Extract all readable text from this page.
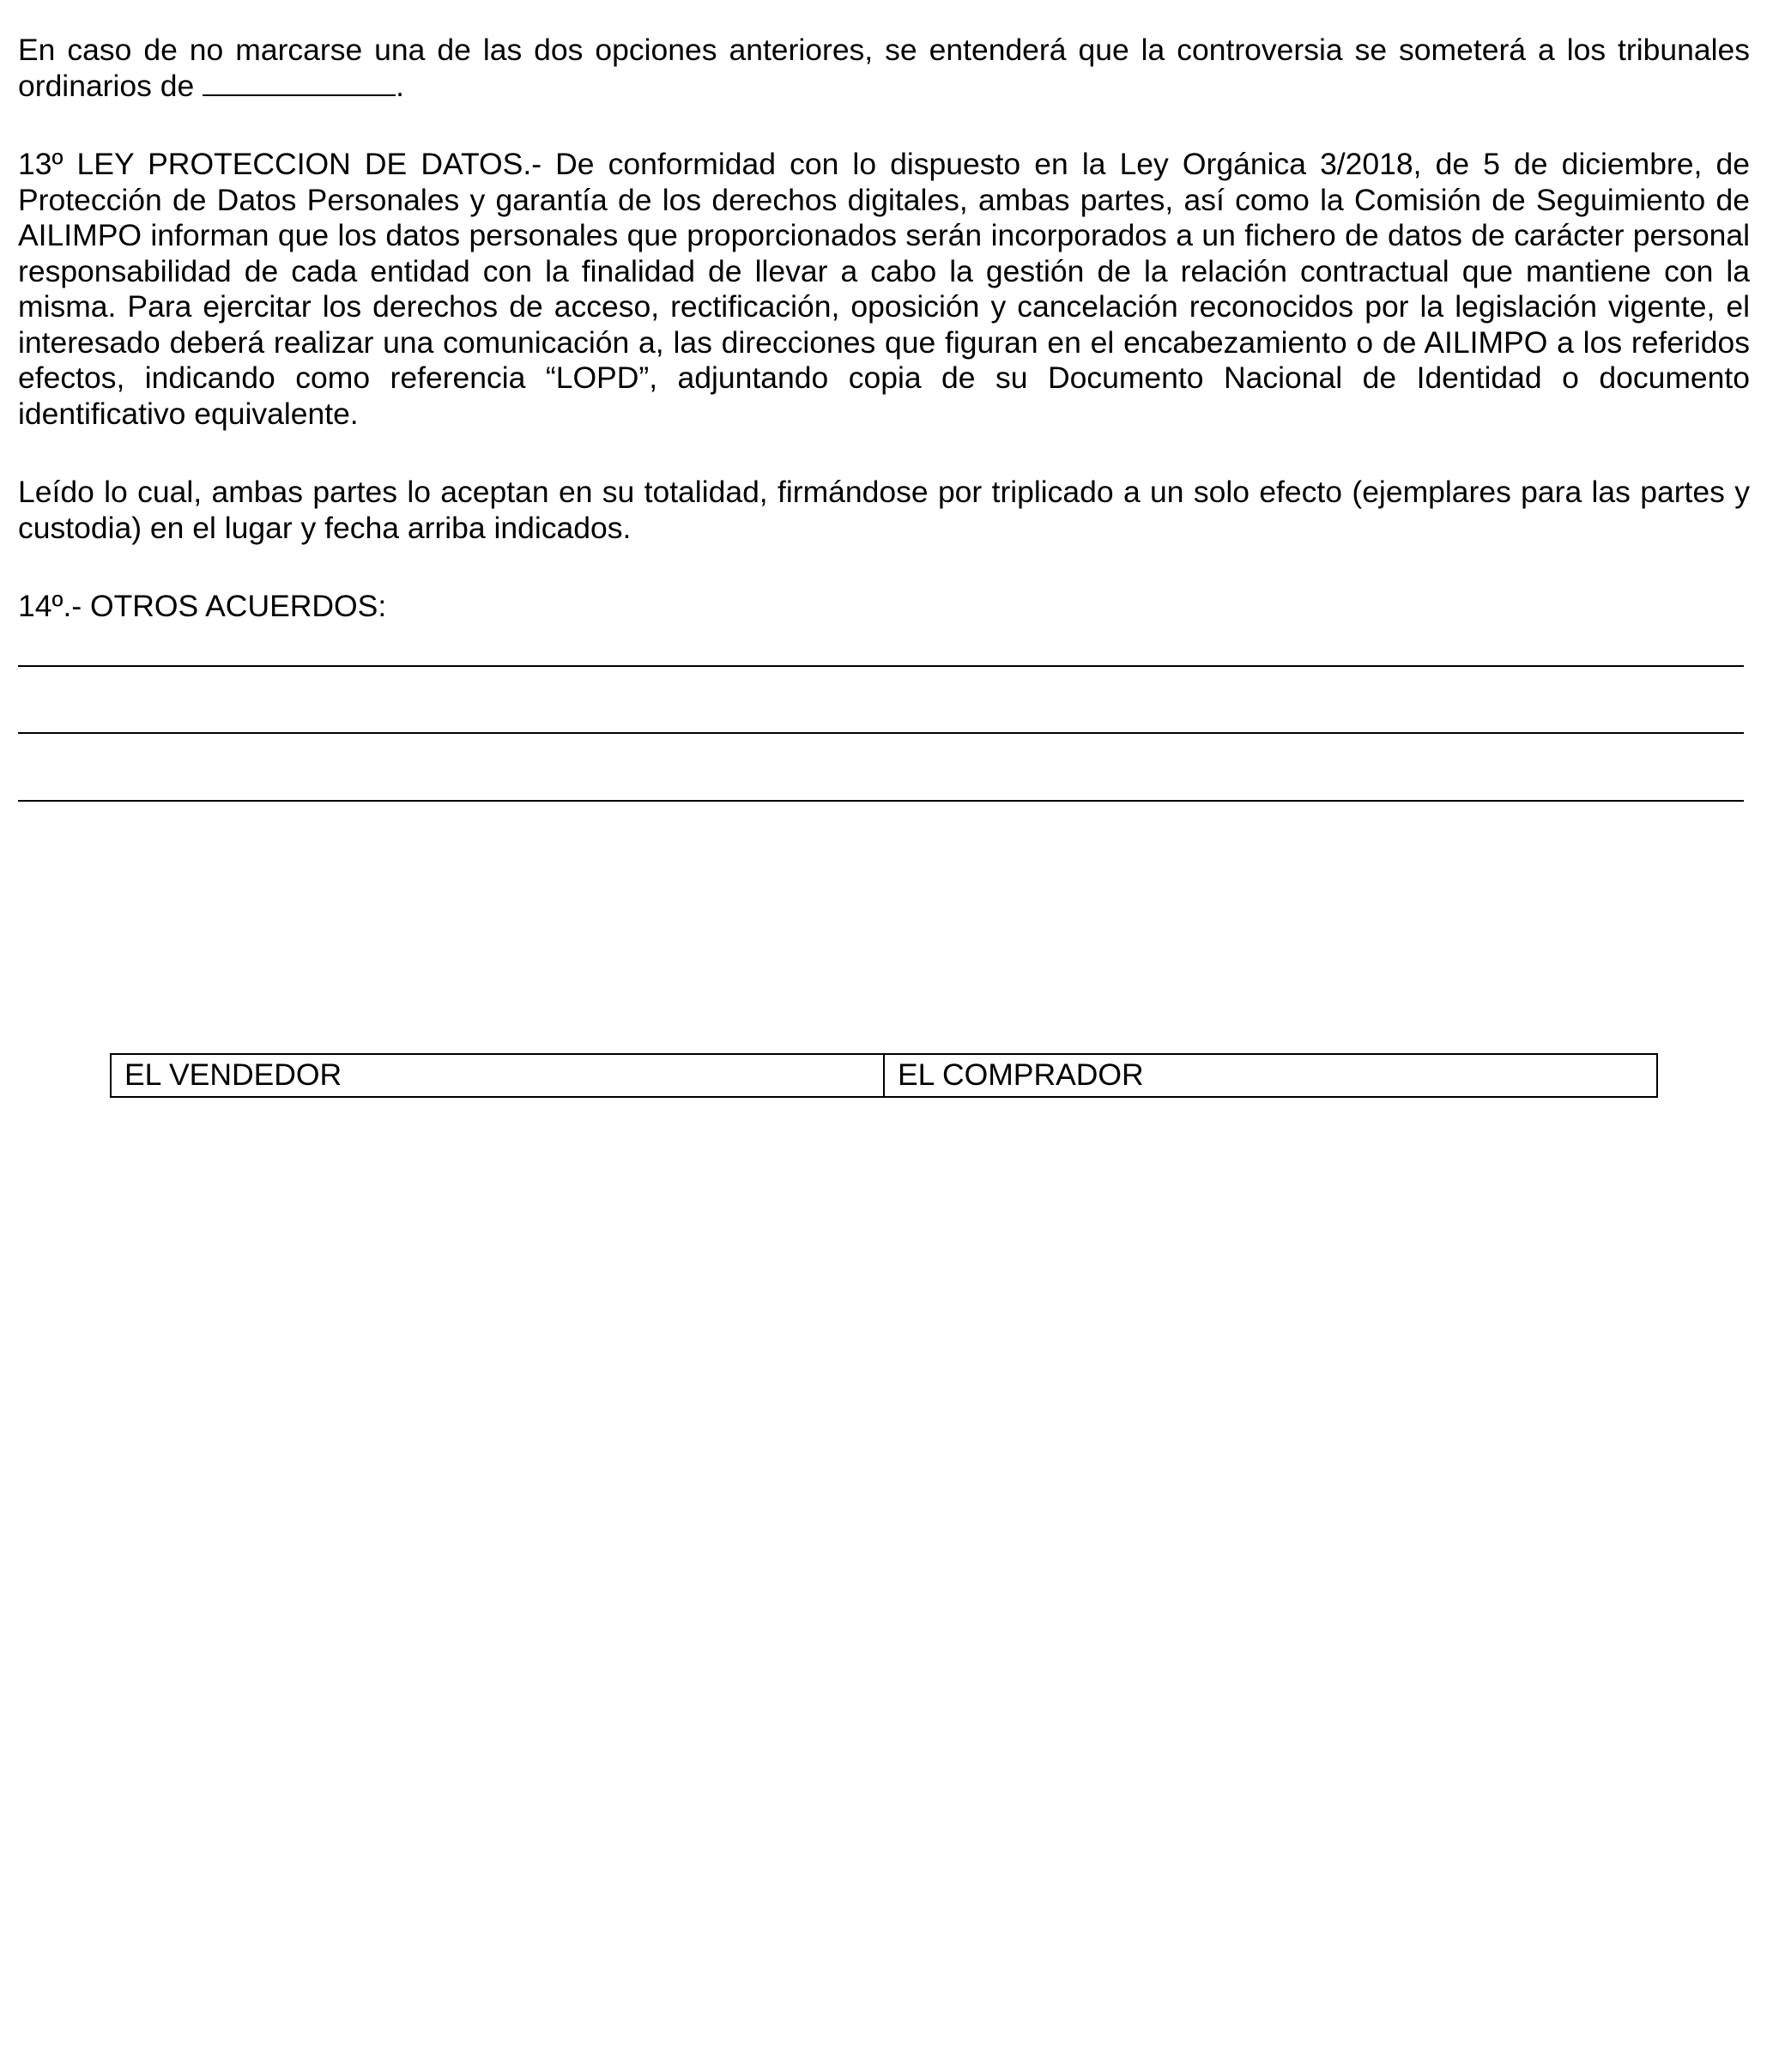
En caso de no marcarse una de las dos opciones anteriores, se entenderá que la controversia se someterá a los tribunales ordinarios de	.

13º LEY PROTECCION DE DATOS.- De conformidad con lo dispuesto en la Ley Orgánica 3/2018, de 5 de diciembre, de Protección de Datos Personales y garantía de los derechos digitales, ambas partes, así como la Comisión de Seguimiento de AILIMPO informan que los datos personales que proporcionados serán incorporados a un fichero de datos de carácter personal responsabilidad de cada entidad con la finalidad de llevar a cabo la gestión de la relación contractual que mantiene con la misma. Para ejercitar los derechos de acceso, rectificación, oposición y cancelación reconocidos por la legislación vigente, el interesado deberá realizar una comunicación a, las direcciones que figuran en el encabezamiento o de AILIMPO a los referidos efectos, indicando como referencia “LOPD”, adjuntando copia de su Documento Nacional de Identidad o documento identificativo equivalente.

Leído lo cual, ambas partes lo aceptan en su totalidad, firmándose por triplicado a un solo efecto (ejemplares para las partes y custodia) en el lugar y fecha arriba indicados.

14º.- OTROS ACUERDOS:

EL VENDEDOR	EL COMPRADOR
